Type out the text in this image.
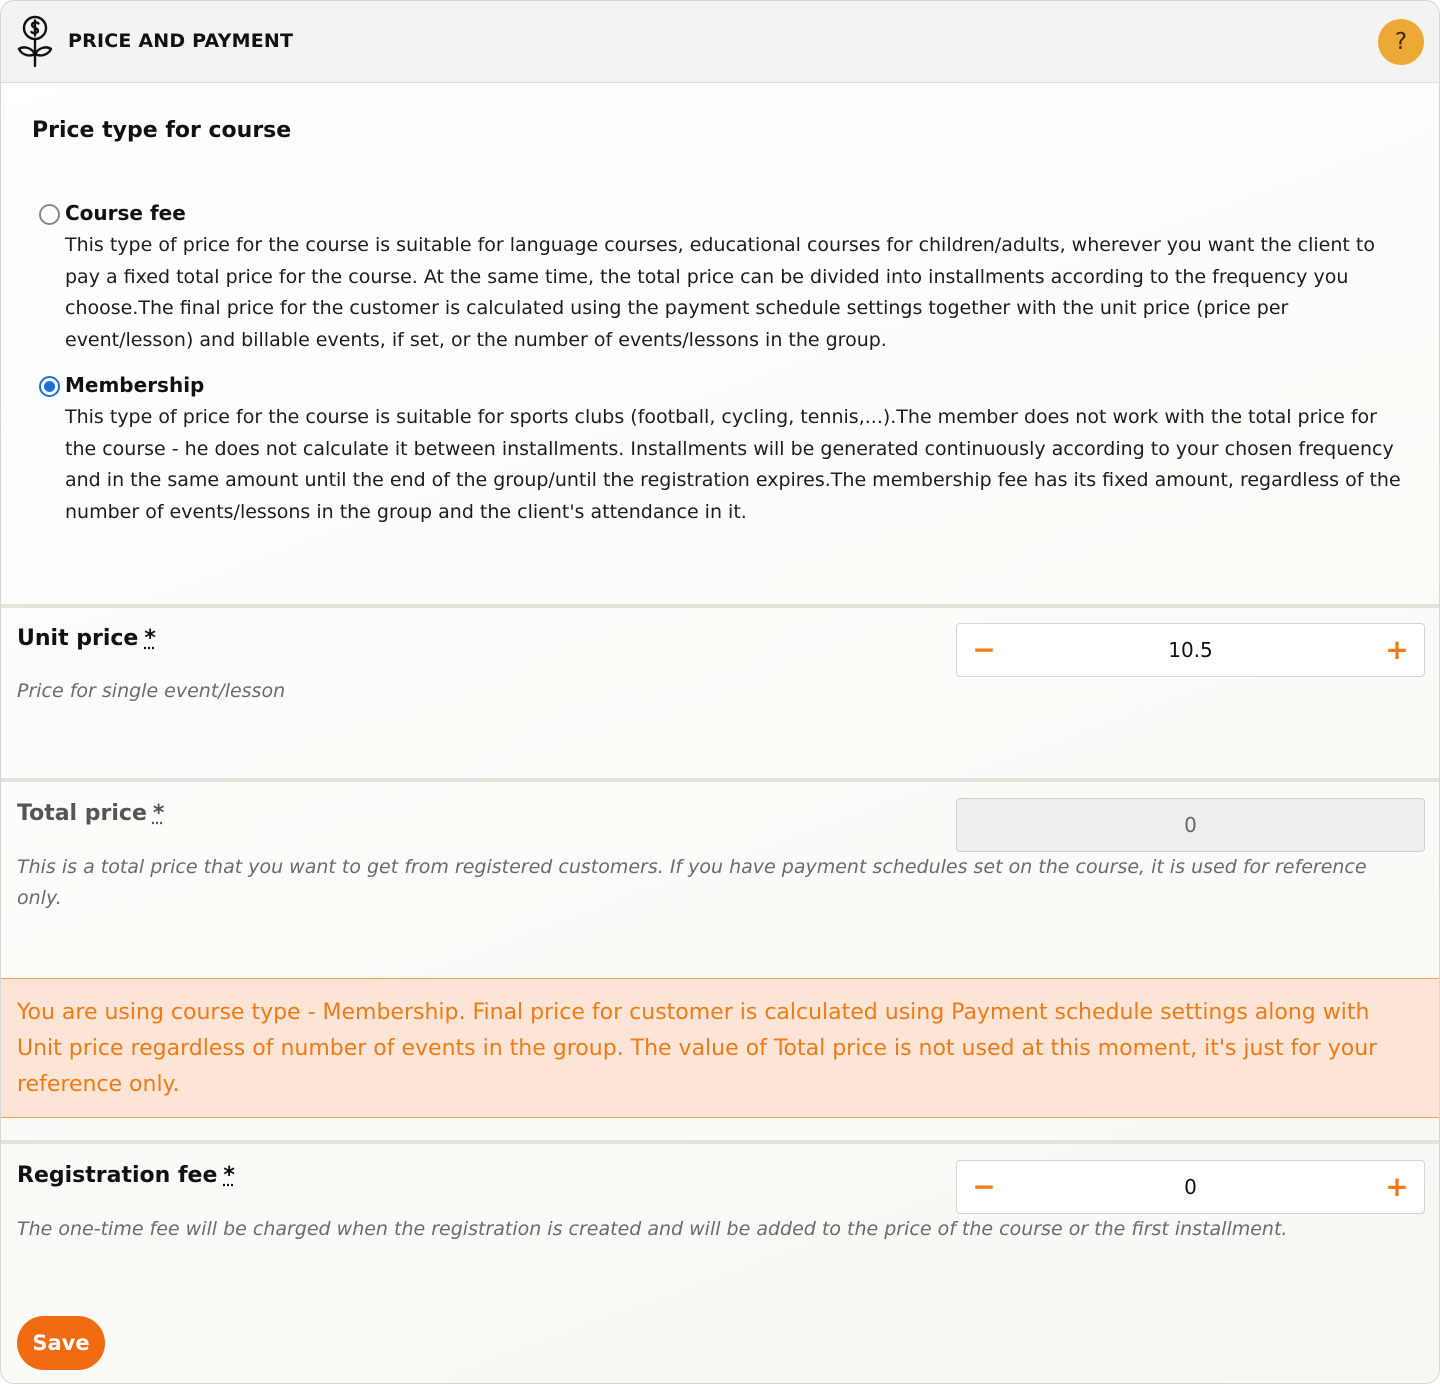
PRICE AND PAYMENT	?
Price type for course
Course fee
This type of price for the course is suitable for language courses, educational courses for children/adults, wherever you want the client to pay a fixed total price for the course. At the same time, the total price can be divided into installments according to the frequency you choose.The final price for the customer is calculated using the payment schedule settings together with the unit price (price per event/lesson) and billable events, if set, or the number of events/lessons in the group.
Membership
This type of price for the course is suitable for sports clubs (football, cycling, tennis,...).The member does not work with the total price for the course - he does not calculate it between installments. Installments will be generated continuously according to your chosen frequency and in the same amount until the end of the group/until the registration expires.The membership fee has its fixed amount, regardless of the number of events/lessons in the group and the client's attendance in it.
Unit price *
Price for single event/lesson
−
10.5	+
Total price *
This is a total price that you want to get from registered customers. If you have payment schedules set on the course, it is used for reference only.
0
You are using course type - Membership. Final price for customer is calculated using Payment schedule settings along with Unit price regardless of number of events in the group. The value of Total price is not used at this moment, it's just for your reference only.
Registration fee *
The one-time fee will be charged when the registration is created and will be added to the price of the course or the first installment.
−
0	+
Save
